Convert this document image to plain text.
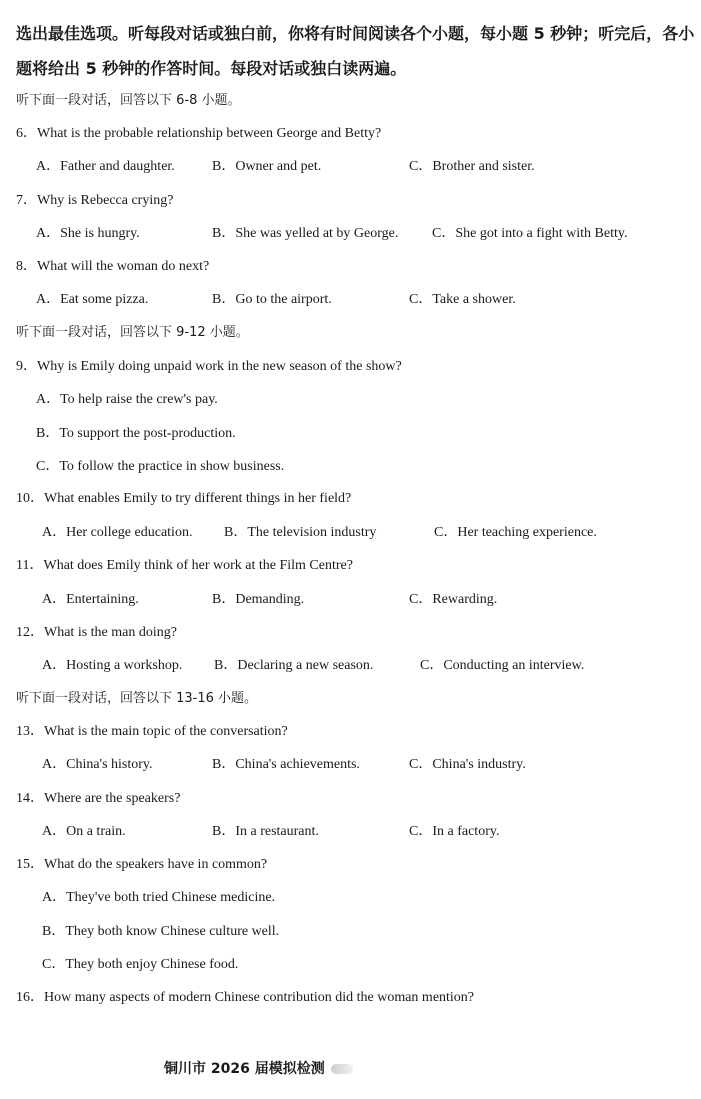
选出最佳选项。听每段对话或独白前，你将有时间阅读各个小题，每小题 5 秒钟；听完后，各小题将给出 5 秒钟的作答时间。每段对话或独白读两遍。

听下面一段对话，回答以下 6-8 小题。
6．What is the probable relationship between George and Betty?
A．Father and daughter.	B．Owner and pet.	C．Brother and sister.
7．Why is Rebecca crying?
A．She is hungry.	B．She was yelled at by George. C．She got into a fight with Betty.
8．What will the woman do next?
A．Eat some pizza.	B．Go to the airport.	C．Take a shower.
听下面一段对话，回答以下 9-12 小题。
9．Why is Emily doing unpaid work in the new season of the show?
A．To help raise the crew's pay.
B．To support the post-production.
C．To follow the practice in show business.
10．What enables Emily to try different things in her field?
A．Her college education. B．The television industry	C．Her teaching experience.
11．What does Emily think of her work at the Film Centre?
A．Entertaining.	B．Demanding.	C．Rewarding.
12．What is the man doing?
A．Hosting a workshop. B．Declaring a new season.	C．Conducting an interview.
听下面一段对话，回答以下 13-16 小题。
13．What is the main topic of the conversation?
A．China's history.	B．China's achievements.	C．China's industry.
14．Where are the speakers?
A．On a train.	B．In a restaurant.	C．In a factory.
15．What do the speakers have in common?
A．They've both tried Chinese medicine.
B．They both know Chinese culture well.
C．They both enjoy Chinese food.
16．How many aspects of modern Chinese contribution did the woman mention?
铜川市 2026 届模拟检测
